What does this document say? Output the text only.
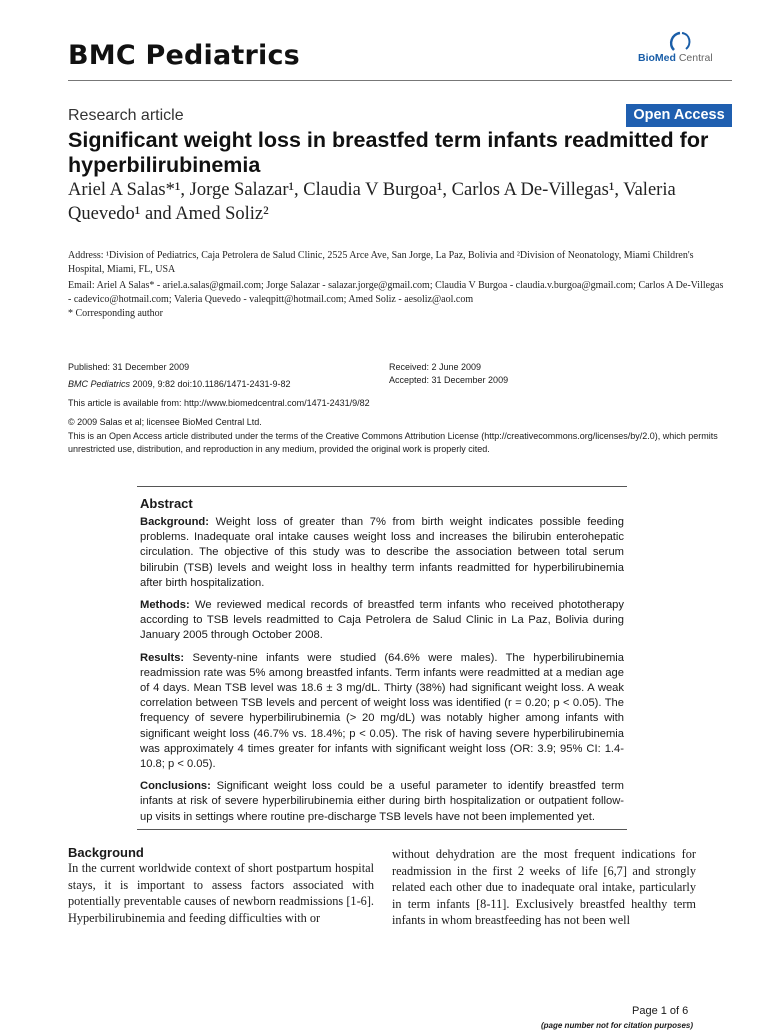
BMC Pediatrics	BioMed Central
Research article	Open Access
Significant weight loss in breastfed term infants readmitted for hyperbilirubinemia
Ariel A Salas*¹, Jorge Salazar¹, Claudia V Burgoa¹, Carlos A De-Villegas¹, Valeria Quevedo¹ and Amed Soliz²
Address: ¹Division of Pediatrics, Caja Petrolera de Salud Clinic, 2525 Arce Ave, San Jorge, La Paz, Bolivia and ²Division of Neonatology, Miami Children's Hospital, Miami, FL, USA
Email: Ariel A Salas* - ariel.a.salas@gmail.com; Jorge Salazar - salazar.jorge@gmail.com; Claudia V Burgoa - claudia.v.burgoa@gmail.com; Carlos A De-Villegas - cadevico@hotmail.com; Valeria Quevedo - valeqpitt@hotmail.com; Amed Soliz - aesoliz@aol.com
* Corresponding author
Published: 31 December 2009	Received: 2 June 2009
Accepted: 31 December 2009
BMC Pediatrics 2009, 9:82 doi:10.1186/1471-2431-9-82
This article is available from: http://www.biomedcentral.com/1471-2431/9/82
© 2009 Salas et al; licensee BioMed Central Ltd.
This is an Open Access article distributed under the terms of the Creative Commons Attribution License (http://creativecommons.org/licenses/by/2.0), which permits unrestricted use, distribution, and reproduction in any medium, provided the original work is properly cited.
Abstract

Background: Weight loss of greater than 7% from birth weight indicates possible feeding problems. Inadequate oral intake causes weight loss and increases the bilirubin enterohepatic circulation. The objective of this study was to describe the association between total serum bilirubin (TSB) levels and weight loss in healthy term infants readmitted for hyperbilirubinemia after birth hospitalization.

Methods: We reviewed medical records of breastfed term infants who received phototherapy according to TSB levels readmitted to Caja Petrolera de Salud Clinic in La Paz, Bolivia during January 2005 through October 2008.

Results: Seventy-nine infants were studied (64.6% were males). The hyperbilirubinemia readmission rate was 5% among breastfed infants. Term infants were readmitted at a median age of 4 days. Mean TSB level was 18.6 ± 3 mg/dL. Thirty (38%) had significant weight loss. A weak correlation between TSB levels and percent of weight loss was identified (r = 0.20; p < 0.05). The frequency of severe hyperbilirubinemia (> 20 mg/dL) was notably higher among infants with significant weight loss (46.7% vs. 18.4%; p < 0.05). The risk of having severe hyperbilirubinemia was approximately 4 times greater for infants with significant weight loss (OR: 3.9; 95% CI: 1.4-10.8; p < 0.05).

Conclusions: Significant weight loss could be a useful parameter to identify breastfed term infants at risk of severe hyperbilirubinemia either during birth hospitalization or outpatient follow-up visits in settings where routine pre-discharge TSB levels have not been implemented yet.

Background
In the current worldwide context of short postpartum hospital stays, it is important to assess factors associated with potentially preventable causes of newborn readmissions [1-6]. Hyperbilirubinemia and feeding difficulties with or
without dehydration are the most frequent indications for readmission in the first 2 weeks of life [6,7] and strongly related each other due to inadequate oral intake, particularly in term infants [8-11]. Exclusively breastfed healthy term infants in whom breastfeeding has not been well
Page 1 of 6
(page number not for citation purposes)
